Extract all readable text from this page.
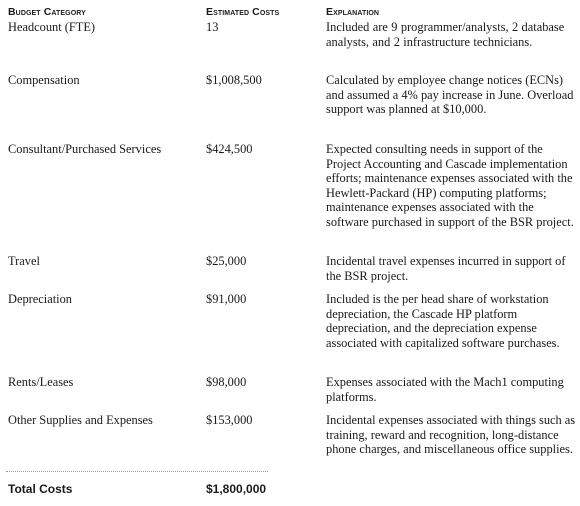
Budget Category	Estimated Costs	Explanation
Headcount (FTE)	13	Included are 9 programmer/analysts, 2 database analysts, and 2 infrastructure technicians.
Compensation	$1,008,500	Calculated by employee change notices (ECNs) and assumed a 4% pay increase in June. Overload support was planned at $10,000.
Consultant/Purchased Services	$424,500	Expected consulting needs in support of the Project Accounting and Cascade implementation efforts; maintenance expenses associated with the Hewlett-Packard (HP) computing platforms; maintenance expenses associated with the software purchased in support of the BSR project.
Travel	$25,000	Incidental travel expenses incurred in support of the BSR project.
Depreciation	$91,000	Included is the per head share of workstation depreciation, the Cascade HP platform depreciation, and the depreciation expense associated with capitalized software purchases.
Rents/Leases	$98,000	Expenses associated with the Mach1 computing platforms.
Other Supplies and Expenses	$153,000	Incidental expenses associated with things such as training, reward and recognition, long-distance phone charges, and miscellaneous office supplies.
Total Costs	$1,800,000
